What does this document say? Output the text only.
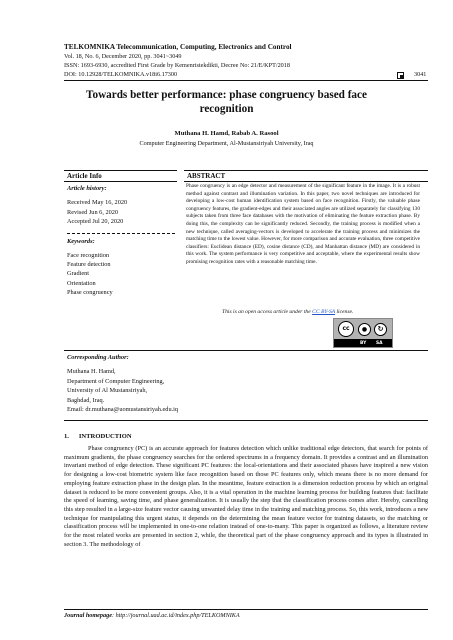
TELKOMNIKA Telecommunication, Computing, Electronics and Control
Vol. 18, No. 6, December 2020, pp. 3041~3049
ISSN: 1693-6930, accredited First Grade by Kemenristekdikti, Decree No: 21/E/KPT/2018
DOI: 10.12928/TELKOMNIKA.v18i6.17300	3041
Towards better performance: phase congruency based face
recognition
Muthana H. Hamd, Rabab A. Rasool
Computer Engineering Department, Al-Mustansiriyah University, Iraq
Article Info
Article history:
Received May 16, 2020
Revised Jun 6, 2020
Accepted Jul 20, 2020
Keywords:
Face recognition
Feature detection
Gradient
Orientation
Phase congruency
ABSTRACT
Phase congruency is an edge detector and measurement of the significant feature in the image. It is a robust method against contrast and illumination variation. In this paper, two novel techniques are introduced for developing a low-cost human identification system based on face recognition. Firstly, the valuable phase congruency features, the gradient-edges and their associated angles are utilized separately for classifying 130 subjects taken from three face databases with the motivation of eliminating the feature extraction phase. By doing this, the complexity can be significantly reduced. Secondly, the training process is modified when a new technique, called averaging-vectors is developed to accelerate the training process and minimizes the matching time to the lowest value. However, for more comparison and accurate evaluation, three competitive classifiers: Euclidean distance (ED), cosine distance (CD), and Manhattan distance (MD) are considered in this work. The system performance is very competitive and acceptable, where the experimental results show promising recognition rates with a reasonable matching time.
This is an open access article under the CC BY-SA license.
cc	●	↻
BY SA
Corresponding Author:
Muthana H. Hamd,
Department of Computer Engineering,
University of Al Mustansiriyah,
Baghdad, Iraq.
Email: dr.muthana@uomustansiriyah.edu.iq
1.      INTRODUCTION

Phase congruency (PC) is an accurate approach for features detection which unlike traditional edge detectors, that search for points of maximum gradients, the phase congruency searches for the ordered spectrums in a frequency domain. It provides a contrast and an illumination invariant method of edge detection. These significant PC features: the local-orientations and their associated phases have inspired a new vision for designing a low-cost biometric system like face recognition based on those PC features only, which means there is no more demand for employing feature extraction phase in the design plan. In the meantime, feature extraction is a dimension reduction process by which an original dataset is reduced to be more convenient groups. Also, it is a vital operation in the machine learning process for building features that: facilitate the speed of learning, saving time, and phase generalization. It is usually the step that the classification process comes after. Hereby, cancelling this step resulted in a large-size feature vector causing unwanted delay time in the training and matching process. So, this work, introduces a new technique for manipulating this urgent status, it depends on the determining the mean feature vector for training datasets, so the matching or classification process will be implemented in one-to-one relation instead of one-to-many. This paper is organized as follows, a literature review for the most related works are presented in section 2, while, the theoretical part of the phase congruency approach and its types is illustrated in section 3. The methodology of

Journal homepage: http://journal.uad.ac.id/index.php/TELKOMNIKA
